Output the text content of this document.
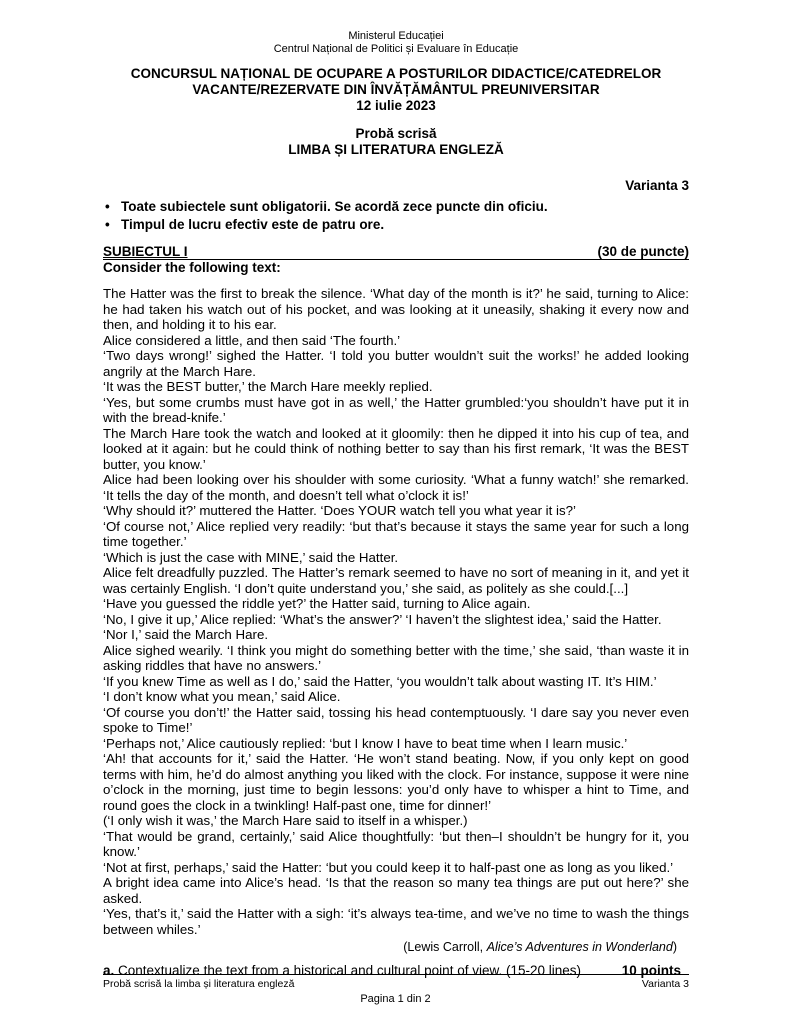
Ministerul Educației
Centrul Național de Politici și Evaluare în Educație
CONCURSUL NAȚIONAL DE OCUPARE A POSTURILOR DIDACTICE/CATEDRELOR
VACANTE/REZERVATE DIN ÎNVĂȚĂMÂNTUL PREUNIVERSITAR
12 iulie 2023
Probă scrisă
LIMBA ȘI LITERATURA ENGLEZĂ
Varianta 3
• Toate subiectele sunt obligatorii. Se acordă zece puncte din oficiu.
• Timpul de lucru efectiv este de patru ore.
SUBIECTUL I	(30 de puncte)
Consider the following text:

The Hatter was the first to break the silence. ‘What day of the month is it?’ he said, turning to Alice: he had taken his watch out of his pocket, and was looking at it uneasily, shaking it every now and then, and holding it to his ear.

Alice considered a little, and then said ‘The fourth.’

‘Two days wrong!’ sighed the Hatter. ‘I told you butter wouldn’t suit the works!’ he added looking angrily at the March Hare.

‘It was the BEST butter,’ the March Hare meekly replied.

‘Yes, but some crumbs must have got in as well,’ the Hatter grumbled:‘you shouldn’t have put it in with the bread-knife.’

The March Hare took the watch and looked at it gloomily: then he dipped it into his cup of tea, and looked at it again: but he could think of nothing better to say than his first remark, ‘It was the BEST butter, you know.’

Alice had been looking over his shoulder with some curiosity. ‘What a funny watch!’ she remarked. ‘It tells the day of the month, and doesn’t tell what o’clock it is!’

‘Why should it?’ muttered the Hatter. ‘Does YOUR watch tell you what year it is?’

‘Of course not,’ Alice replied very readily: ‘but that’s because it stays the same year for such a long time together.’

‘Which is just the case with MINE,’ said the Hatter.

Alice felt dreadfully puzzled. The Hatter’s remark seemed to have no sort of meaning in it, and yet it was certainly English. ‘I don’t quite understand you,’ she said, as politely as she could.[...]

‘Have you guessed the riddle yet?’ the Hatter said, turning to Alice again.

‘No, I give it up,’ Alice replied: ‘What’s the answer?’ ‘I haven’t the slightest idea,’ said the Hatter.

‘Nor I,’ said the March Hare.

Alice sighed wearily. ‘I think you might do something better with the time,’ she said, ‘than waste it in asking riddles that have no answers.’

‘If you knew Time as well as I do,’ said the Hatter, ‘you wouldn’t talk about wasting IT. It’s HIM.’

‘I don’t know what you mean,’ said Alice.

‘Of course you don’t!’ the Hatter said, tossing his head contemptuously. ‘I dare say you never even spoke to Time!’

‘Perhaps not,’ Alice cautiously replied: ‘but I know I have to beat time when I learn music.’

‘Ah! that accounts for it,’ said the Hatter. ‘He won’t stand beating. Now, if you only kept on good terms with him, he’d do almost anything you liked with the clock. For instance, suppose it were nine o’clock in the morning, just time to begin lessons: you’d only have to whisper a hint to Time, and round goes the clock in a twinkling! Half-past one, time for dinner!’

(‘I only wish it was,’ the March Hare said to itself in a whisper.)

‘That would be grand, certainly,’ said Alice thoughtfully: ‘but then–I shouldn’t be hungry for it, you know.’

‘Not at first, perhaps,’ said the Hatter: ‘but you could keep it to half-past one as long as you liked.’

A bright idea came into Alice’s head. ‘Is that the reason so many tea things are put out here?’ she asked.

‘Yes, that’s it,’ said the Hatter with a sigh: ‘it’s always tea-time, and we’ve no time to wash the things between whiles.’

(Lewis Carroll, Alice’s Adventures in Wonderland)
a. Contextualize the text from a historical and cultural point of view. (15-20 lines)	10 points
Probă scrisă la limba și literatura engleză	Varianta 3
Pagina 1 din 2
